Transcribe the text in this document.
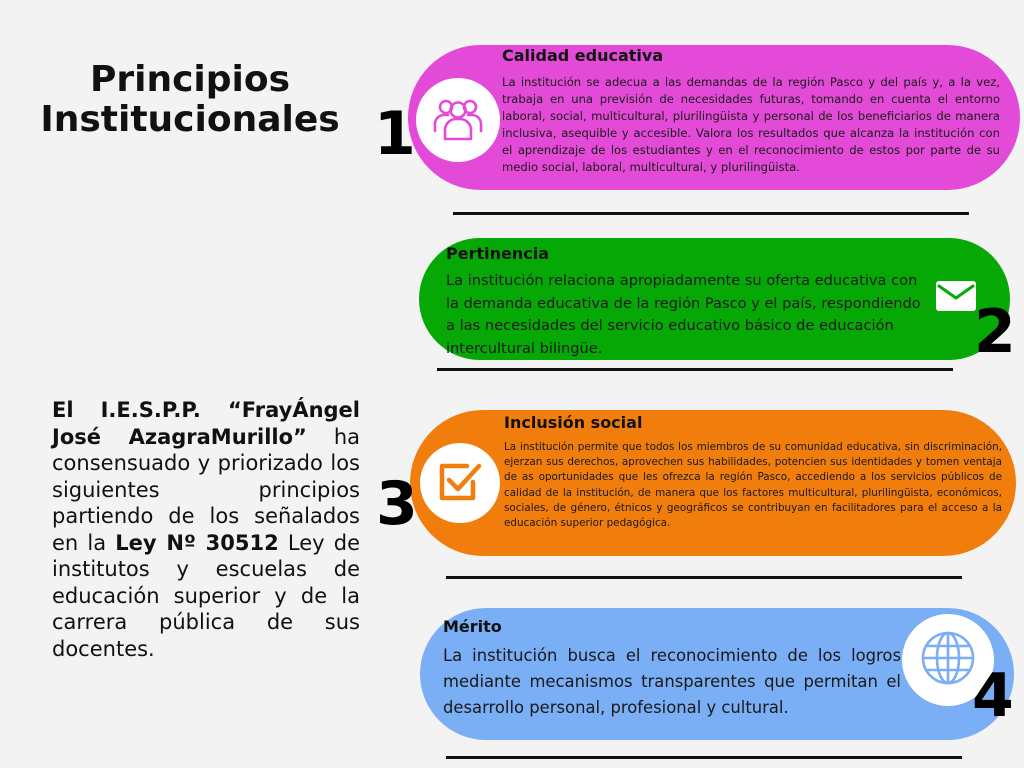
Principios
Institucionales
El I.E.S.P.P. “FrayÁngel José AzagraMurillo” ha consensuado y priorizado los siguientes principios partiendo de los señalados en la Ley Nº 30512 Ley de institutos y escuelas de educación superior y de la carrera pública de sus docentes.
Calidad educativa
La institución se adecua a las demandas de la región Pasco y del país y, a la vez, trabaja en una previsión de necesidades futuras, tomando en cuenta el entorno laboral, social, multicultural, plurilingüista y personal de los beneficiarios de manera inclusiva, asequible y accesible. Valora los resultados que alcanza la institución con el aprendizaje de los estudiantes y en el reconocimiento de estos por parte de su medio social, laboral, multicultural, y plurilingüista.
1
Pertinencia
La institución relaciona apropiadamente su oferta educativa con la demanda educativa de la región Pasco y el país, respondiendo a las necesidades del servicio educativo básico de educación intercultural bilingüe.	2
Inclusión social
La institución permite que todos los miembros de su comunidad educativa, sin discriminación, ejerzan sus derechos, aprovechen sus habilidades, potencien sus identidades y tomen ventaja de as oportunidades que les ofrezca la región Pasco, accediendo a los servicios públicos de calidad de la institución, de manera que los factores multicultural, plurilingüista, económicos, sociales, de género, étnicos y geográficos se contribuyan en facilitadores para el acceso a la educación superior pedagógica.
3
Mérito
La institución busca el reconocimiento de los logros mediante mecanismos transparentes que permitan el desarrollo personal, profesional y cultural.	4
